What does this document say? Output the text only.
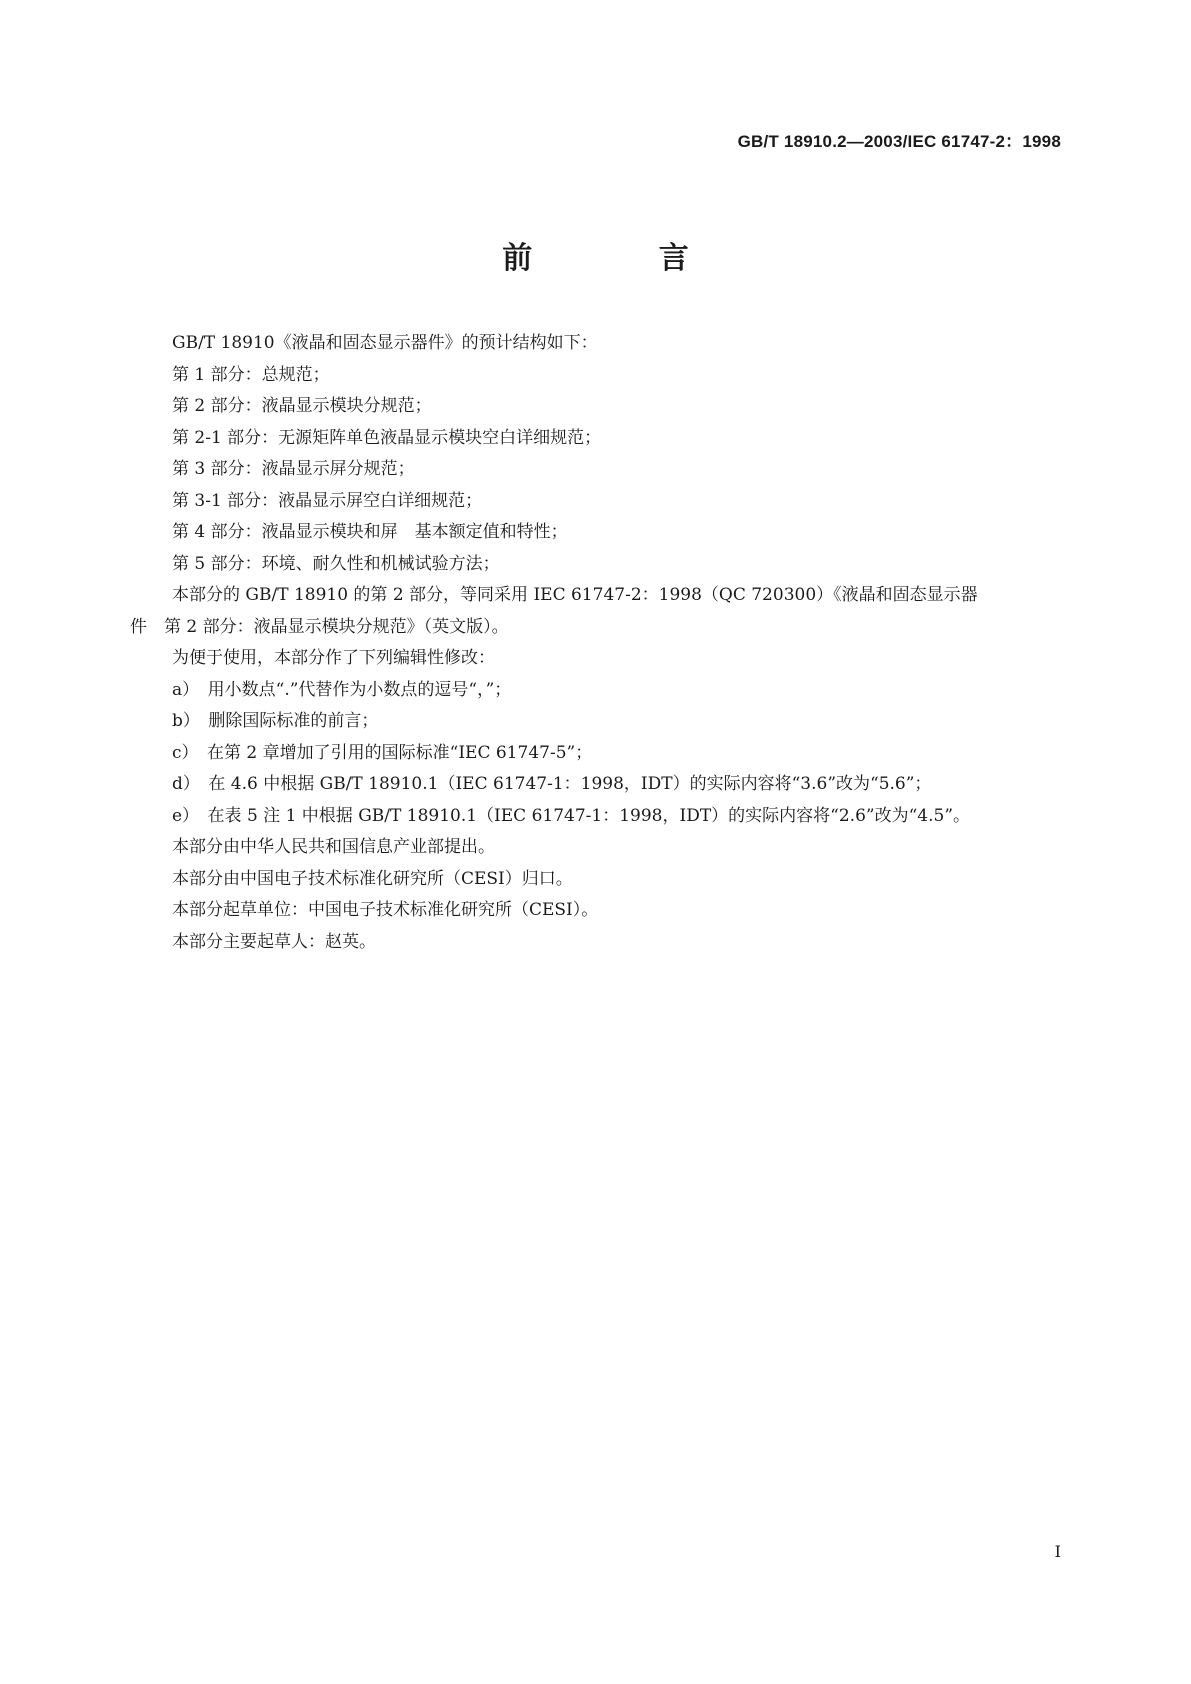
GB/T 18910.2—2003/IEC 61747-2：1998
前 言
GB/T 18910《液晶和固态显示器件》的预计结构如下：
第 1 部分：总规范；
第 2 部分：液晶显示模块分规范；
第 2-1 部分：无源矩阵单色液晶显示模块空白详细规范；
第 3 部分：液晶显示屏分规范；
第 3-1 部分：液晶显示屏空白详细规范；
第 4 部分：液晶显示模块和屏　基本额定值和特性；
第 5 部分：环境、耐久性和机械试验方法；
本部分的 GB/T 18910 的第 2 部分，等同采用 IEC 61747-2：1998（QC 720300）《液晶和固态显示器
件　第 2 部分：液晶显示模块分规范》（英文版）。
为便于使用，本部分作了下列编辑性修改：
a）　用小数点“.”代替作为小数点的逗号“，”；
b）　删除国际标准的前言；
c）　在第 2 章增加了引用的国际标准“IEC 61747-5”；
d）　在 4.6 中根据 GB/T 18910.1（IEC 61747-1：1998，IDT）的实际内容将“3.6”改为“5.6”；
e）　在表 5 注 1 中根据 GB/T 18910.1（IEC 61747-1：1998，IDT）的实际内容将“2.6”改为“4.5”。
本部分由中华人民共和国信息产业部提出。
本部分由中国电子技术标准化研究所（CESI）归口。
本部分起草单位：中国电子技术标准化研究所（CESI）。
本部分主要起草人：赵英。
I
